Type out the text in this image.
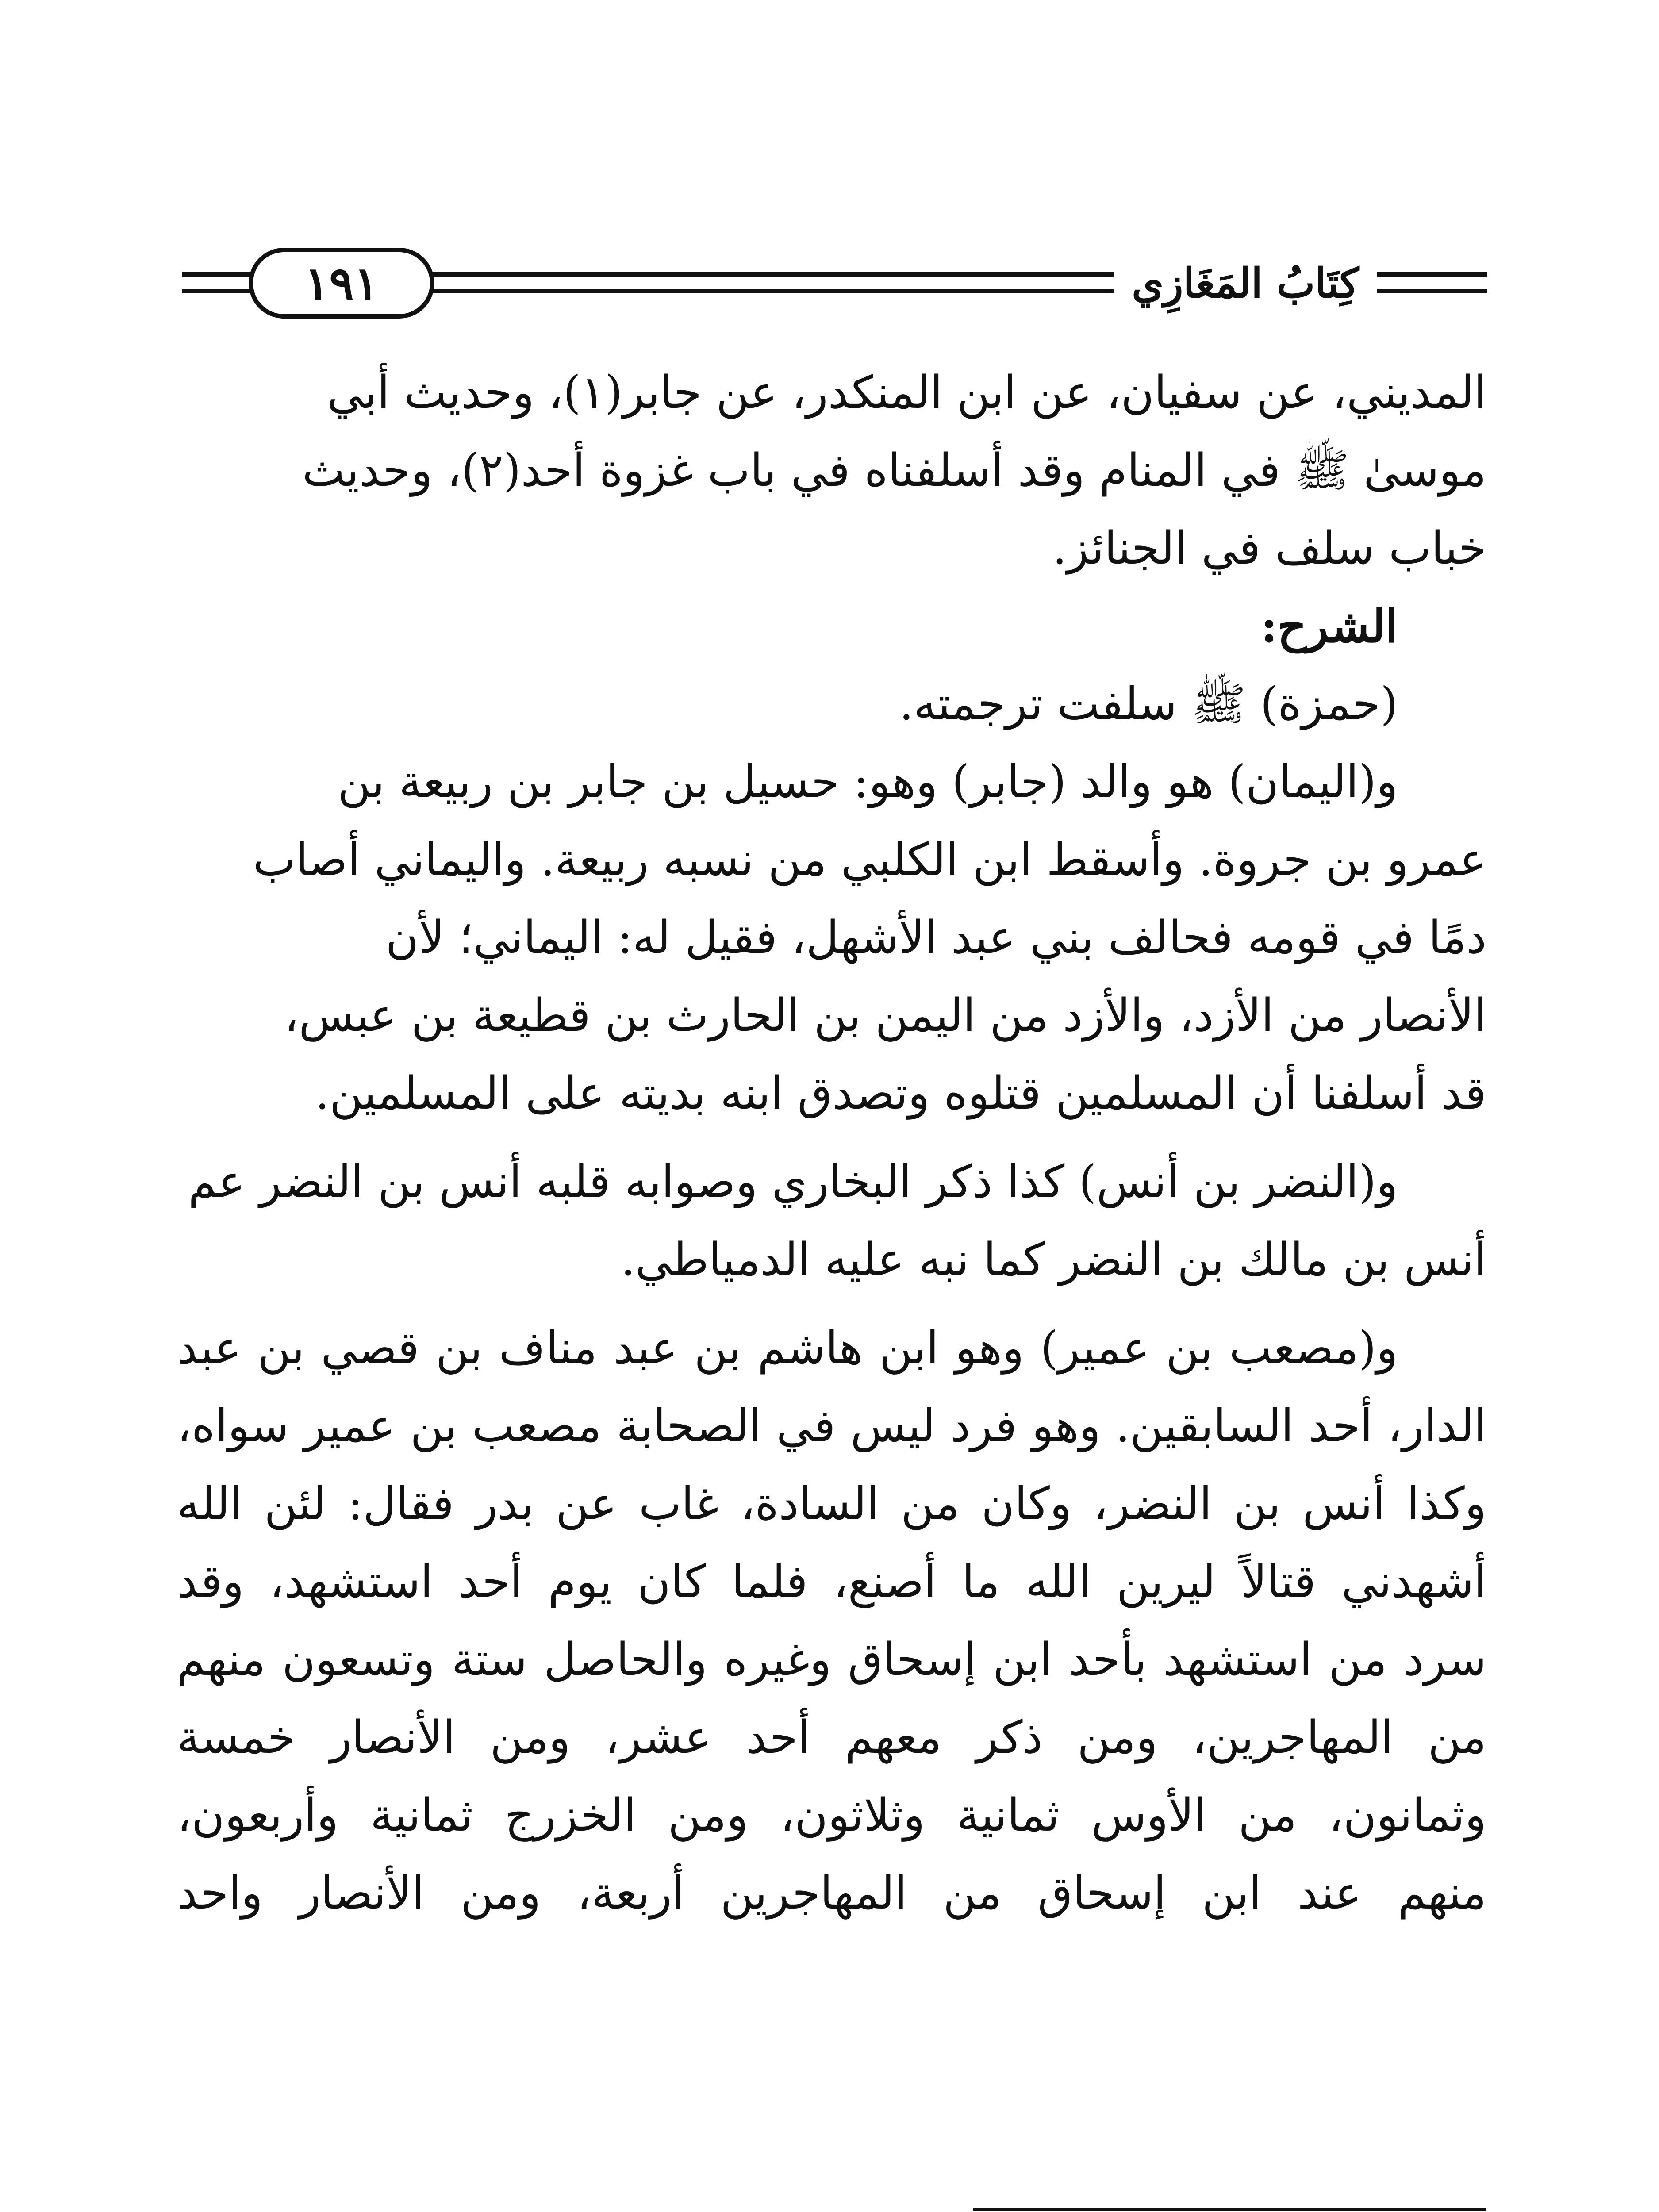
كِتَابُ المَغَازِي
١٩١

المديني، عن سفيان، عن ابن المنكدر، عن جابر(١)، وحديث أبي
موسىٰ ﷺ في المنام وقد أسلفناه في باب غزوة أحد(٢)، وحديث
خباب سلف في الجنائز.

الشرح:

(حمزة) ﷺ سلفت ترجمته.

و(اليمان) هو والد (جابر) وهو: حسيل بن جابر بن ربيعة بن
عمرو بن جروة. وأسقط ابن الكلبي من نسبه ربيعة. واليماني أصاب
دمًا في قومه فحالف بني عبد الأشهل، فقيل له: اليماني؛ لأن
الأنصار من الأزد، والأزد من اليمن بن الحارث بن قطيعة بن عبس،
قد أسلفنا أن المسلمين قتلوه وتصدق ابنه بديته على المسلمين.

و(النضر بن أنس) كذا ذكر البخاري وصوابه قلبه أنس بن النضر عم
أنس بن مالك بن النضر كما نبه عليه الدمياطي.

و(مصعب بن عمير) وهو ابن هاشم بن عبد مناف بن قصي بن عبد
الدار، أحد السابقين. وهو فرد ليس في الصحابة مصعب بن عمير سواه،
وكذا أنس بن النضر، وكان من السادة، غاب عن بدر فقال: لئن الله
أشهدني قتالاً ليرين الله ما أصنع، فلما كان يوم أحد استشهد، وقد
سرد من استشهد بأحد ابن إسحاق وغيره والحاصل ستة وتسعون منهم
من المهاجرين، ومن ذكر معهم أحد عشر، ومن الأنصار خمسة
وثمانون، من الأوس ثمانية وثلاثون، ومن الخزرج ثمانية وأربعون،
منهم عند ابن إسحاق من المهاجرين أربعة، ومن الأنصار واحد
